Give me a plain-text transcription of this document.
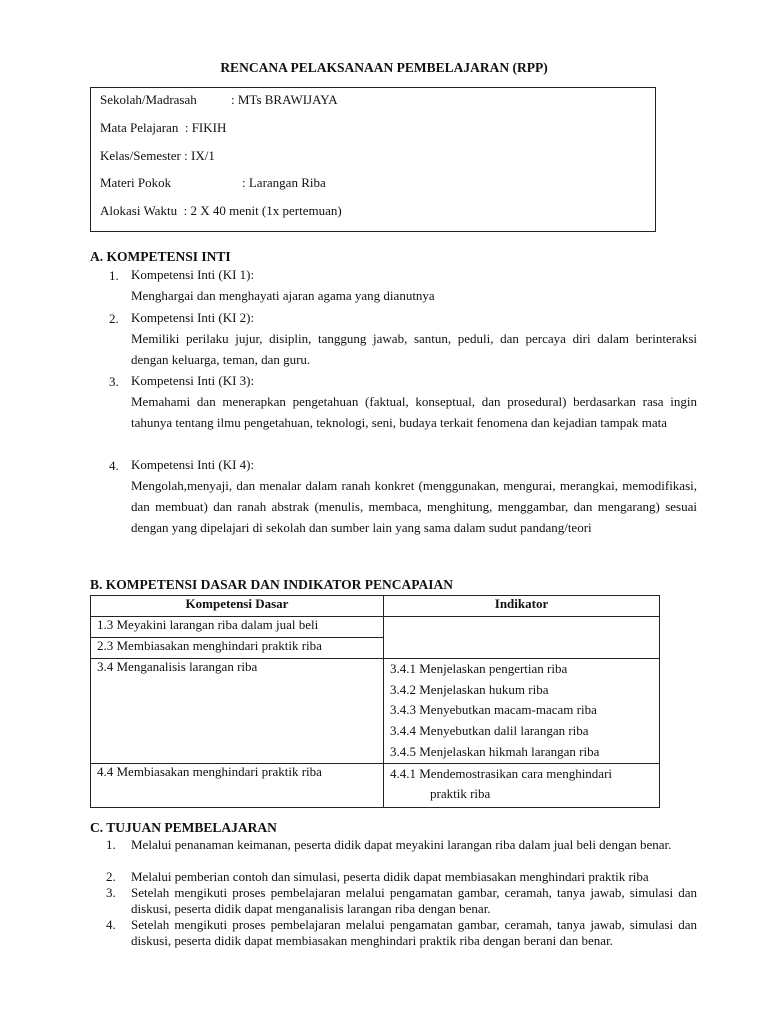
RENCANA PELAKSANAAN PEMBELAJARAN (RPP)
Sekolah/Madrasah	: MTs BRAWIJAYA
Mata Pelajaran : FIKIH
Kelas/Semester : IX/1
Materi Pokok	: Larangan Riba
Alokasi Waktu : 2 X 40 menit (1x pertemuan)
A. KOMPETENSI INTI
1. Kompetensi Inti (KI 1):
Menghargai dan menghayati ajaran agama yang dianutnya
2. Kompetensi Inti (KI 2):
Memiliki perilaku jujur, disiplin, tanggung jawab, santun, peduli, dan percaya diri dalam berinteraksi dengan keluarga, teman, dan guru.
3. Kompetensi Inti (KI 3):
Memahami dan menerapkan pengetahuan (faktual, konseptual, dan prosedural) berdasarkan rasa ingin tahunya tentang ilmu pengetahuan, teknologi, seni, budaya terkait fenomena dan kejadian tampak mata
4. Kompetensi Inti (KI 4):
Mengolah,menyaji, dan menalar dalam ranah konkret (menggunakan, mengurai, merangkai, memodifikasi, dan membuat) dan ranah abstrak (menulis, membaca, menghitung, menggambar, dan mengarang) sesuai dengan yang dipelajari di sekolah dan sumber lain yang sama dalam sudut pandang/teori
B. KOMPETENSI DASAR DAN INDIKATOR PENCAPAIAN
Kompetensi Dasar	Indikator
1.3 Meyakini larangan riba dalam jual beli	
2.3 Membiasakan menghindari praktik riba	
3.4 Menganalisis larangan riba	3.4.1 Menjelaskan pengertian riba
3.4.2 Menjelaskan hukum riba
3.4.3 Menyebutkan macam-macam riba
3.4.4 Menyebutkan dalil larangan riba
3.4.5 Menjelaskan hikmah larangan riba

4.4 Membiasakan menghindari praktik riba	4.4.1 Mendemostrasikan cara menghindari
praktik riba
C. TUJUAN PEMBELAJARAN
1. Melalui penanaman keimanan, peserta didik dapat meyakini larangan riba dalam jual beli dengan benar.
2. Melalui pemberian contoh dan simulasi, peserta didik dapat membiasakan menghindari praktik riba
3. Setelah mengikuti proses pembelajaran melalui pengamatan gambar, ceramah, tanya jawab, simulasi dan diskusi, peserta didik dapat menganalisis larangan riba dengan benar.
4. Setelah mengikuti proses pembelajaran melalui pengamatan gambar, ceramah, tanya jawab, simulasi dan diskusi, peserta didik dapat membiasakan menghindari praktik riba dengan berani dan benar.
